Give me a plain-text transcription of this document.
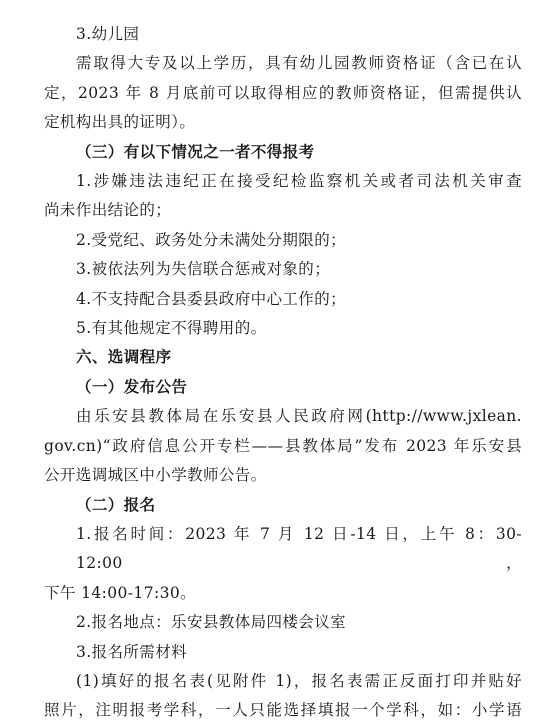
3.幼儿园
需取得大专及以上学历，具有幼儿园教师资格证（含已在认
定，2023 年 8 月底前可以取得相应的教师资格证，但需提供认
定机构出具的证明）。
（三）有以下情况之一者不得报考
1.涉嫌违法违纪正在接受纪检监察机关或者司法机关审查
尚未作出结论的；
2.受党纪、政务处分未满处分期限的；
3.被依法列为失信联合惩戒对象的；
4.不支持配合县委县政府中心工作的；
5.有其他规定不得聘用的。
六、选调程序
（一）发布公告
由乐安县教体局在乐安县人民政府网(http://www.jxlean.
gov.cn)“政府信息公开专栏——县教体局”发布 2023 年乐安县
公开选调城区中小学教师公告。
（二）报名
1.报名时间：2023 年 7 月 12 日-14 日，上午 8：30-12:00，
下午 14:00-17:30。
2.报名地点：乐安县教体局四楼会议室
3.报名所需材料
(1)填好的报名表(见附件 1)，报名表需正反面打印并贴好
照片，注明报考学科，一人只能选择填报一个学科，如：小学语
